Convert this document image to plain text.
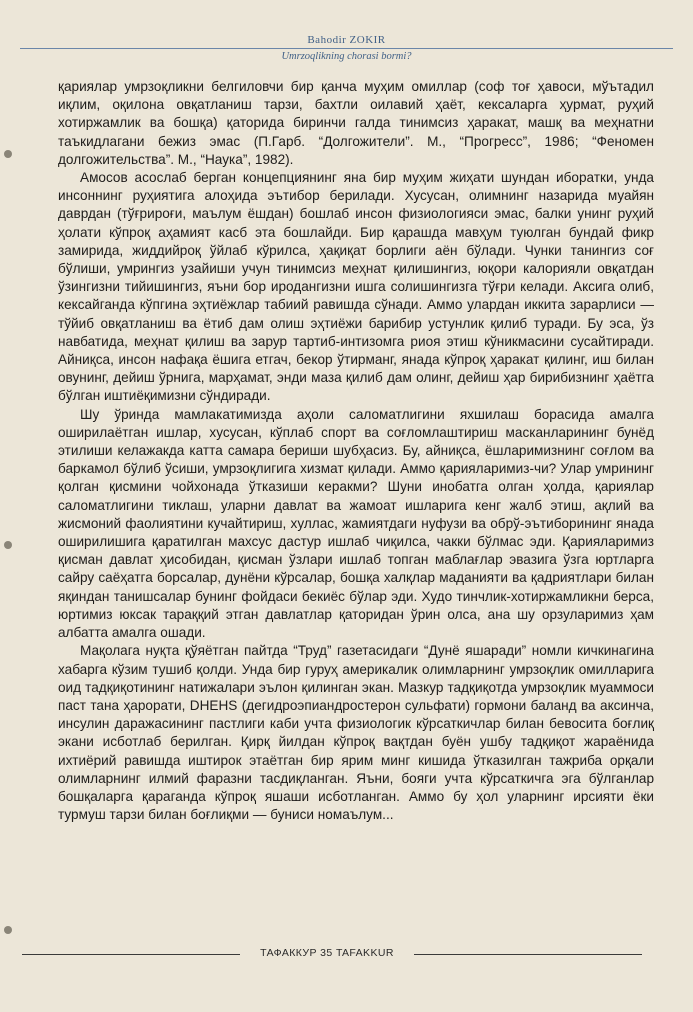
Bahodir ZOKIR
Umrzoqlikning chorasi bormi?

қариялар умрзоқликни белгиловчи бир қанча муҳим омиллар (соф тоғ ҳавоси, мўътадил иқлим, оқилона овқатланиш тарзи, бахтли оилавий ҳаёт, кексаларга ҳурмат, руҳий хотиржамлик ва бошқа) қаторида биринчи галда тинимсиз ҳаракат, машқ ва меҳнатни таъкидлагани бежиз эмас (П.Гарб. “Долгожители”. М., “Прогресс”, 1986; “Феномен долгожительства”. М., “Наука”, 1982).

Амосов асослаб берган концепциянинг яна бир муҳим жиҳати шундан иборатки, унда инсоннинг руҳиятига алоҳида эътибор берилади. Хусусан, олимнинг назарида муайян даврдан (тўғрироғи, маълум ёшдан) бошлаб инсон физиологияси эмас, балки унинг руҳий ҳолати кўпроқ аҳамият касб эта бошлайди. Бир қарашда мавҳум туюлган бундай фикр замирида, жиддийроқ ўйлаб кўрилса, ҳақиқат борлиги аён бўлади. Чунки танингиз соғ бўлиши, умрингиз узайиши учун тинимсиз меҳнат қилишингиз, юқори калорияли овқатдан ўзингизни тийишингиз, яъни бор иродангизни ишга солишингизга тўғри келади. Аксига олиб, кексайганда кўпгина эҳтиёжлар табиий равишда сўнади. Аммо улардан иккита зарарлиси — тўйиб овқатланиш ва ётиб дам олиш эҳтиёжи барибир устунлик қилиб туради. Бу эса, ўз навбатида, меҳнат қилиш ва зарур тартиб-интизомга риоя этиш кўникмасини сусайтиради. Айниқса, инсон нафақа ёшига етгач, бекор ўтирманг, янада кўпроқ ҳаракат қилинг, иш билан овунинг, дейиш ўрнига, марҳамат, энди маза қилиб дам олинг, дейиш ҳар бирибизнинг ҳаётга бўлган иштиёқимизни сўндиради.

Шу ўринда мамлакатимизда аҳоли саломатлигини яхшилаш борасида амалга оширилаётган ишлар, хусусан, кўплаб спорт ва соғломлаштириш масканларининг бунёд этилиши келажакда катта самара бериши шубҳасиз. Бу, айниқса, ёшларимизнинг соғлом ва баркамол бўлиб ўсиши, умрзоқлигига хизмат қилади. Аммо қарияларимиз-чи? Улар умрининг қолган қисмини чойхонада ўтказиши керакми? Шуни инобатга олган ҳолда, қариялар саломатлигини тиклаш, уларни давлат ва жамоат ишларига кенг жалб этиш, ақлий ва жисмоний фаолиятини кучайтириш, хуллас, жамиятдаги нуфузи ва обрў-эътиборининг янада оширилишига қаратилган махсус дастур ишлаб чиқилса, чакки бўлмас эди. Қарияларимиз қисман давлат ҳисобидан, қисман ўзлари ишлаб топган маблағлар эвазига ўзга юртларга сайру саёҳатга борсалар, дунёни кўрсалар, бошқа халқлар маданияти ва қадриятлари билан яқиндан танишсалар бунинг фойдаси бекиёс бўлар эди. Худо тинчлик-хотиржамликни берса, юртимиз юксак тараққий этган давлатлар қаторидан ўрин олса, ана шу орзуларимиз ҳам албатта амалга ошади.

Мақолага нуқта қўяётган пайтда “Труд” газетасидаги “Дунё яшаради” номли кичкинагина хабарга кўзим тушиб қолди. Унда бир гуруҳ америкалик олимларнинг умрзоқлик омилларига оид тадқиқотининг натижалари эълон қилинган экан. Мазкур тадқиқотда умрзоқлик муаммоси паст тана ҳарорати, DHEHS (дегидроэпиандростерон сульфати) гормони баланд ва аксинча, инсулин даражасининг пастлиги каби учта физиологик кўрсаткичлар билан бевосита боғлиқ экани исботлаб берилган. Қирқ йилдан кўпроқ вақтдан буён ушбу тадқиқот жараёнида ихтиёрий равишда иштирок этаётган бир ярим минг кишида ўтказилган тажриба орқали олимларнинг илмий фаразни тасдиқланган. Яъни, бояги учта кўрсаткичга эга бўлганлар бошқаларга қараганда кўпроқ яшаши исботланган. Аммо бу ҳол уларнинг ирсияти ёки турмуш тарзи билан боғлиқми — буниси номаълум...

ТАФАККУР 35 TAFAKKUR
